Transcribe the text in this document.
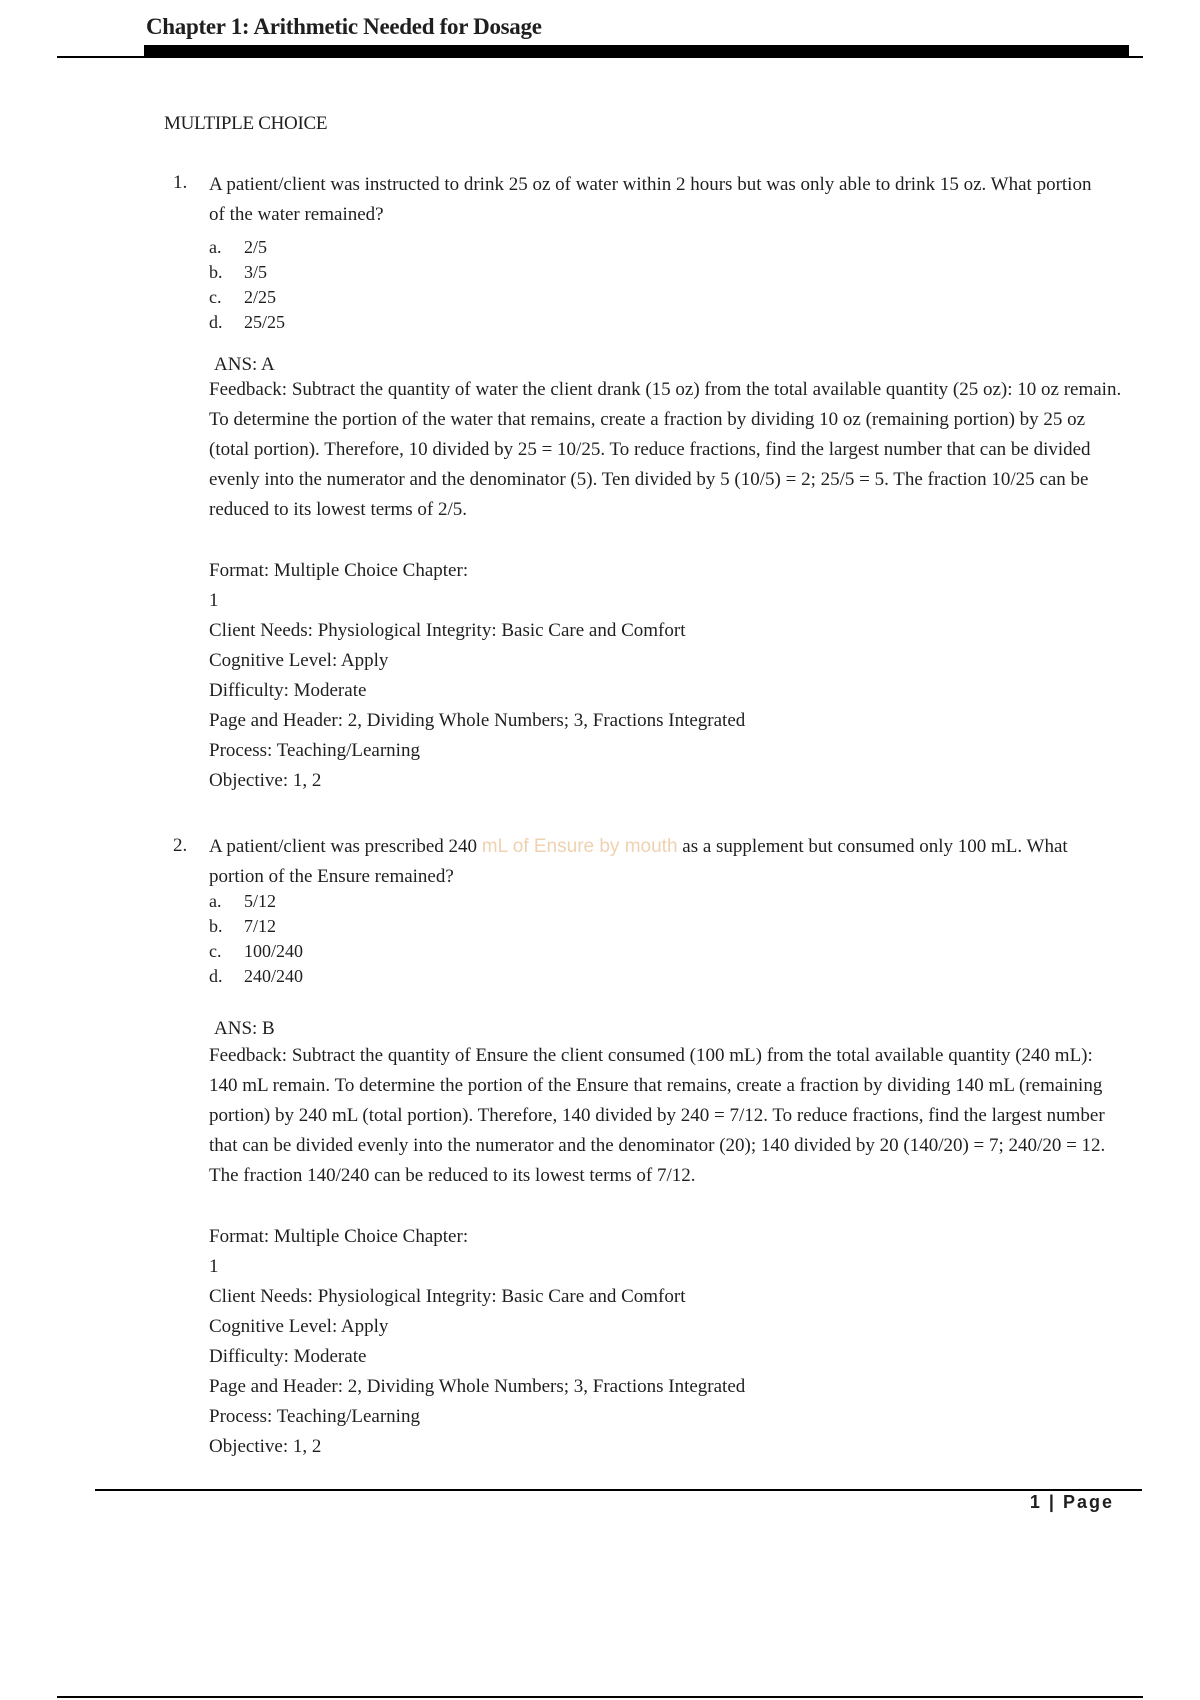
Chapter 1: Arithmetic Needed for Dosage
MULTIPLE CHOICE
1. A patient/client was instructed to drink 25 oz of water within 2 hours but was only able to drink 15 oz. What portion of the water remained?
a. 2/5
b. 3/5
c. 2/25
d. 25/25
ANS: A
Feedback: Subtract the quantity of water the client drank (15 oz) from the total available quantity (25 oz): 10 oz remain. To determine the portion of the water that remains, create a fraction by dividing 10 oz (remaining portion) by 25 oz (total portion). Therefore, 10 divided by 25 = 10/25. To reduce fractions, find the largest number that can be divided evenly into the numerator and the denominator (5). Ten divided by 5 (10/5) = 2; 25/5 = 5. The fraction 10/25 can be reduced to its lowest terms of 2/5.
Format: Multiple Choice Chapter:
1
Client Needs: Physiological Integrity: Basic Care and Comfort
Cognitive Level: Apply
Difficulty: Moderate
Page and Header: 2, Dividing Whole Numbers; 3, Fractions Integrated
Process: Teaching/Learning
Objective: 1, 2
2. A patient/client was prescribed 240 mL of Ensure by mouth as a supplement but consumed only 100 mL. What portion of the Ensure remained?
a. 5/12
b. 7/12
c. 100/240
d. 240/240
ANS: B
Feedback: Subtract the quantity of Ensure the client consumed (100 mL) from the total available quantity (240 mL): 140 mL remain. To determine the portion of the Ensure that remains, create a fraction by dividing 140 mL (remaining portion) by 240 mL (total portion). Therefore, 140 divided by 240 = 7/12. To reduce fractions, find the largest number that can be divided evenly into the numerator and the denominator (20); 140 divided by 20 (140/20) = 7; 240/20 = 12. The fraction 140/240 can be reduced to its lowest terms of 7/12.
Format: Multiple Choice Chapter:
1
Client Needs: Physiological Integrity: Basic Care and Comfort
Cognitive Level: Apply
Difficulty: Moderate
Page and Header: 2, Dividing Whole Numbers; 3, Fractions Integrated
Process: Teaching/Learning
Objective: 1, 2
1 | Page
